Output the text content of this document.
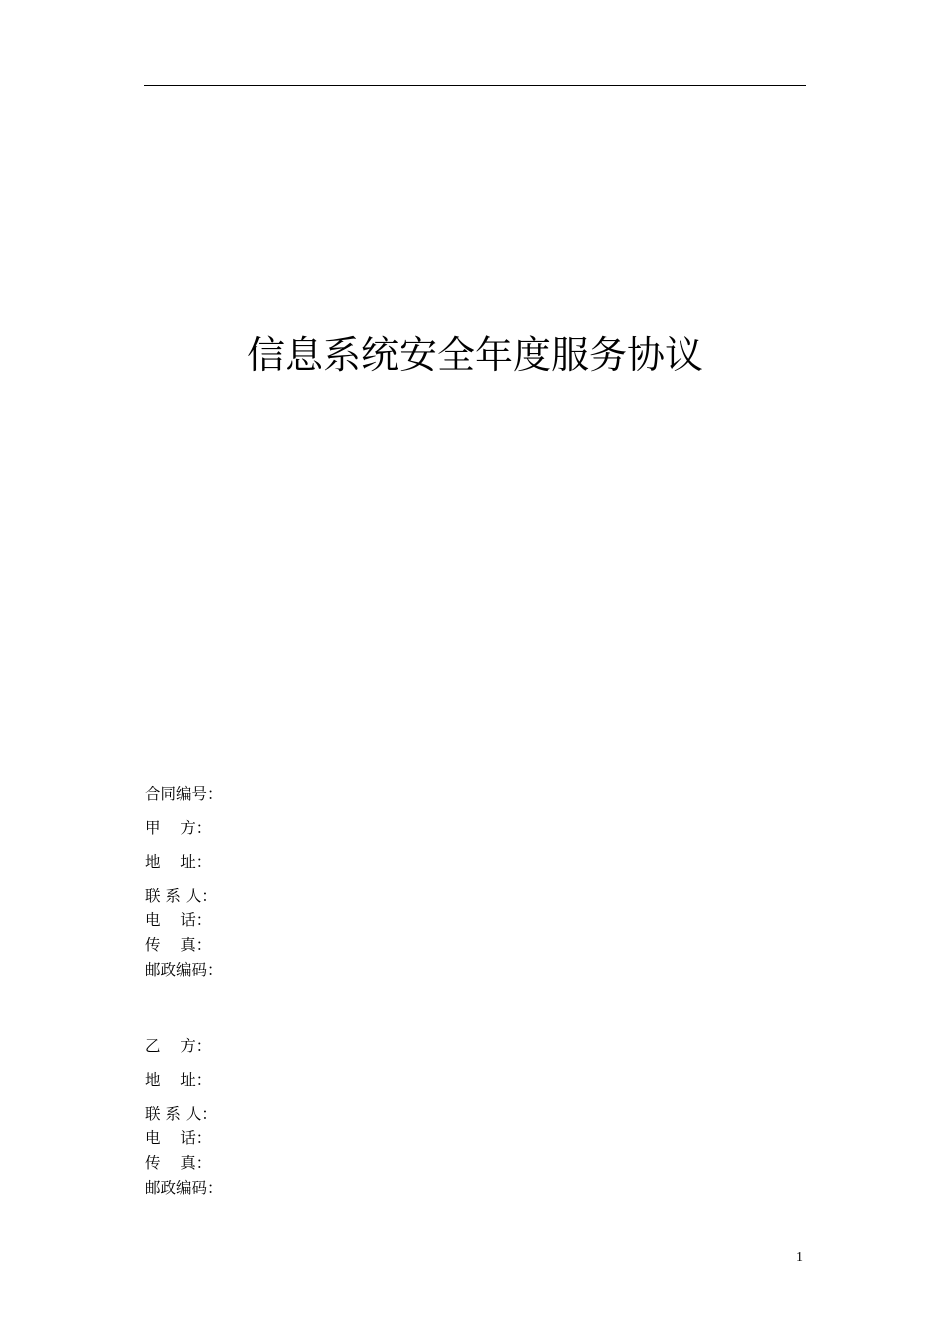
信息系统安全年度服务协议
合同编号：
甲    方：
地    址：
联 系 人：
电    话：
传    真：
邮政编码：
乙    方：
地    址：
联 系 人：
电    话：
传    真：
邮政编码：
1
